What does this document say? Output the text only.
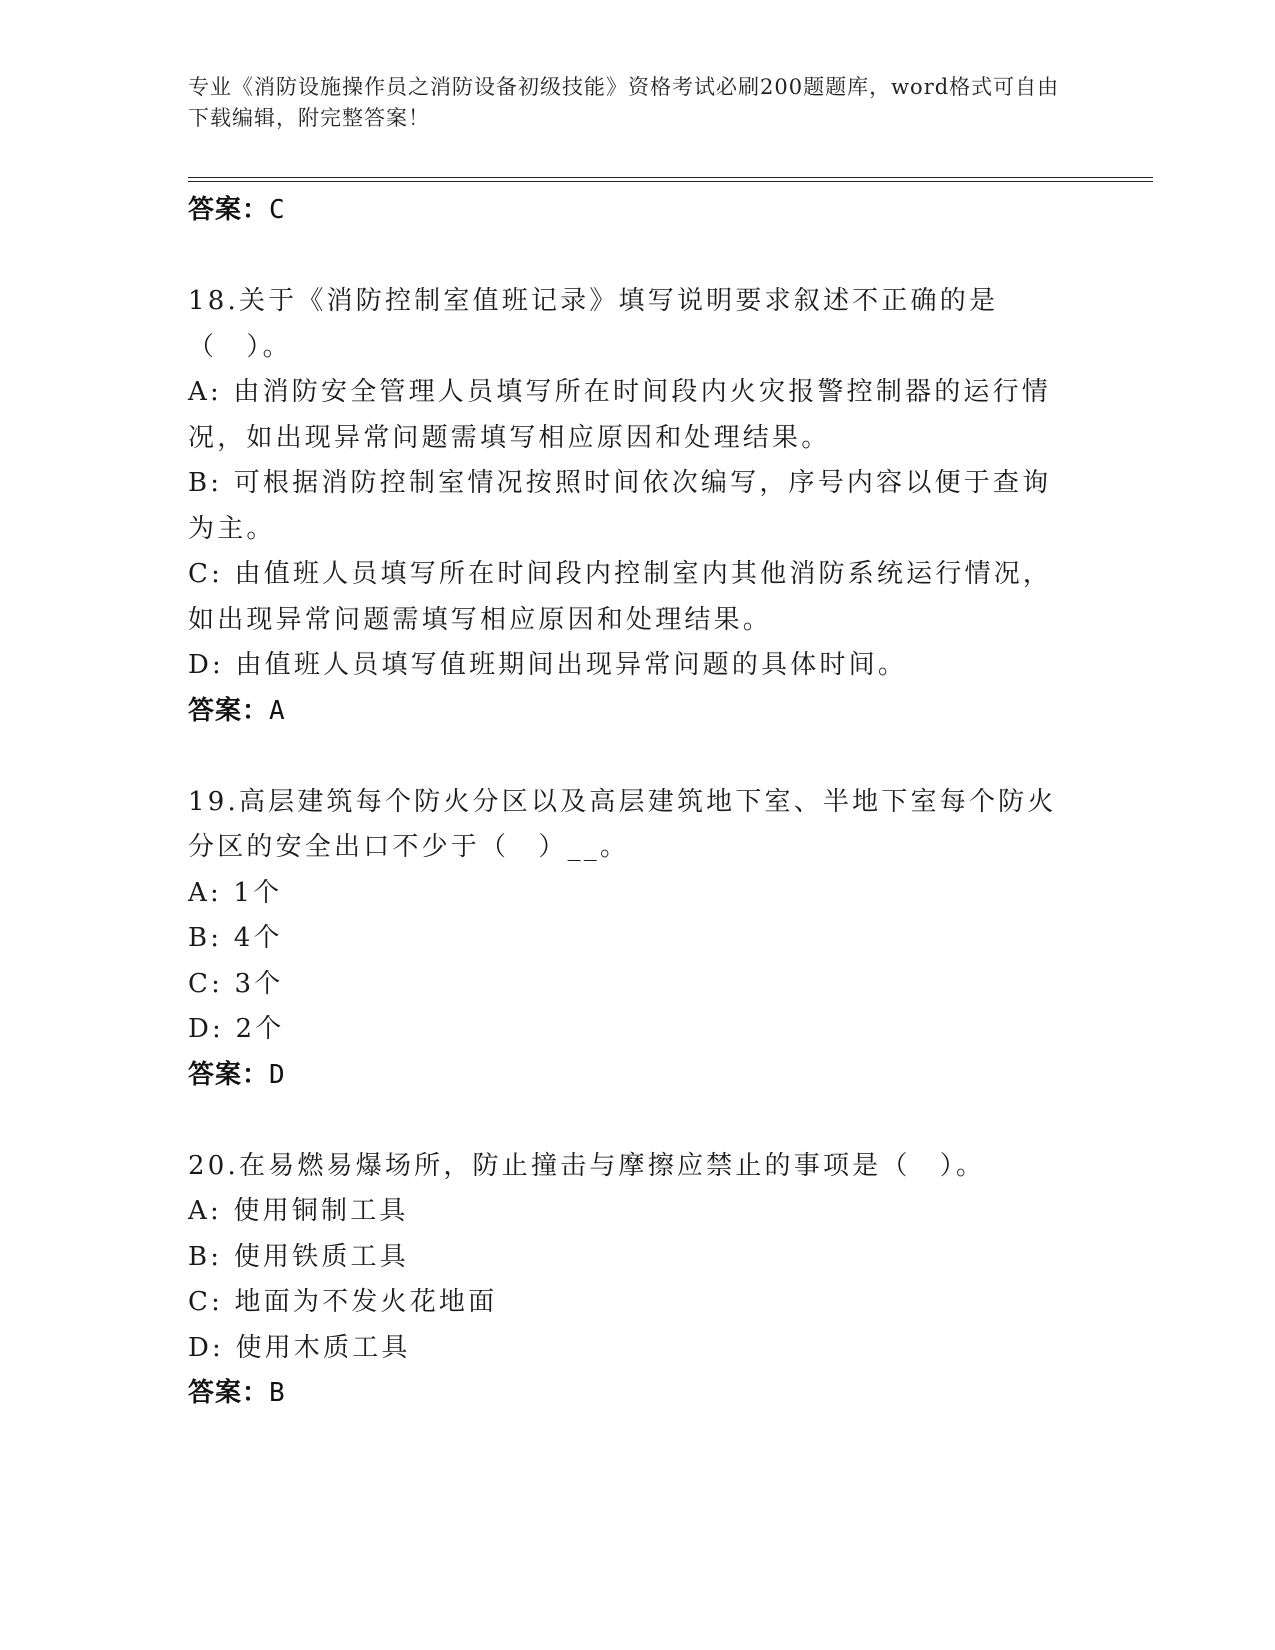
专业《消防设施操作员之消防设备初级技能》资格考试必刷200题题库，word格式可自由下载编辑，附完整答案！
答案：C
18.关于《消防控制室值班记录》填写说明要求叙述不正确的是（　）。
A: 由消防安全管理人员填写所在时间段内火灾报警控制器的运行情况，如出现异常问题需填写相应原因和处理结果。
B: 可根据消防控制室情况按照时间依次编写，序号内容以便于查询为主。
C: 由值班人员填写所在时间段内控制室内其他消防系统运行情况，如出现异常问题需填写相应原因和处理结果。
D: 由值班人员填写值班期间出现异常问题的具体时间。
答案：A
19.高层建筑每个防火分区以及高层建筑地下室、半地下室每个防火分区的安全出口不少于（　）__。
A: 1个
B: 4个
C: 3个
D: 2个
答案：D
20.在易燃易爆场所，防止撞击与摩擦应禁止的事项是（　）。
A: 使用铜制工具
B: 使用铁质工具
C: 地面为不发火花地面
D: 使用木质工具
答案：B
